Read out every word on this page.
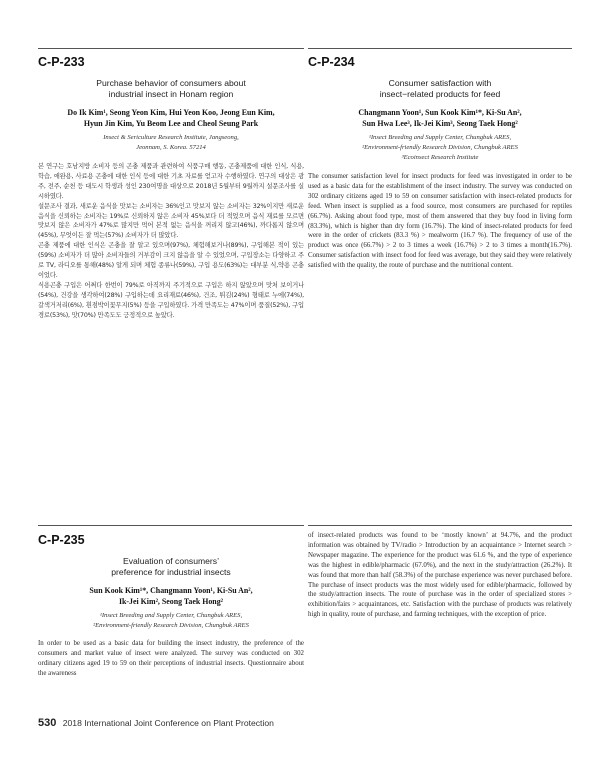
C-P-233

Purchase behavior of consumers about

industrial insect in Honam region

Do Ik Kim¹, Seong Yeon Kim, Hui Yeon Koo, Jeong Eun Kim,

Hyun Jin Kim, Yu Beom Lee and Cheol Seung Park

Insect & Sericulture Research Institute, Jangseong,

Jeonnam, S. Korea. 57214

본 연구는 호남지방 소비자 등의 곤충 제품과 관련하여 식품구매 행동, 곤충제품에 대한 인식, 식용, 학습, 애완용, 사료용 곤충에 대한 인식 등에 대한 기초 자료를 얻고자 수행하였다. 연구의 대상은 광주, 전주, 순천 등 대도시 학생과 성인 230여명을 대상으로 2018년 5월부터 9월까지 설문조사를 실시하였다.

설문조사 결과, 새로운 음식을 맛보는 소비자는 36%인고 맛보지 않는 소비자는 32%이지만 새로운 음식을 신뢰하는 소비자는 19%로 신뢰하지 않은 소비자 45%보다 더 적었으며 음식 재료를 모르면 맛보지 않은 소비자가 47%로 많지만 먹어 본적 없는 음식을 꺼리지 않고(46%), 까다롭지 않으며(45%), 무엇이든 잘 먹는(57%) 소비자가 더 많았다.

곤충 제품에 대한 인식은 곤충을 잘 알고 있으며(97%), 체험해보거나(89%), 구입해본 적이 있는(59%) 소비자가 더 많아 소비자들의 거부감이 크지 않음을 알 수 있었으며, 구입장소는 다양하고 주로 TV, 라디오를 통해(48%) 알게 되며 체험 종류나(59%), 구입 용도(63%)는 대부분 식,약용 곤충이었다.

식용곤충 구입은 어쩌다 한번이 79%로 아직까지 주기적으로 구입은 하지 않았으며 맛처 보이거나(54%), 건강을 생각하여(28%) 구입하는데 요리재료(46%), 건조, 튀김(24%) 형태로 누에(74%), 갈색거저리(6%), 흰점박이꽃무지(5%) 등을 구입하였다. 가격 만족도는 47%이며 품질(52%), 구입경로(53%), 맛(70%) 만족도도 긍정적으로 높았다.

C-P-234

Consumer satisfaction with

insect−related products for feed

Changmann Yoon¹, Sun Kook Kim¹*, Ki-Su An²,

Sun Hwa Lee³, Ik-Jei Kim³, Seong Taek Hong²

¹Insect Breeding and Supply Center, Chungbuk ARES,

²Environment-friendly Research Division, Chungbuk ARES

³Ecoinsect Research Institute

The consumer satisfaction level for insect products for feed was investigated in order to be used as a basic data for the establishment of the insect industry. The survey was conducted on 302 ordinary citizens aged 19 to 59 on consumer satisfaction with insect-related products for feed. When insect is supplied as a food source, most consumers are purchased for reptiles (66.7%). Asking about food type, most of them answered that they buy food in living form (83.3%), which is higher than dry form (16.7%). The kind of insect-related products for feed were in the order of crickets (83.3 %) > mealworm (16.7 %). The frequency of use of the product was once (66.7%) > 2 to 3 times a week (16.7%) > 2 to 3 times a month(16.7%). Consumer satisfaction with insect food for feed was average, but they said they were relatively satisfied with the quality, the route of purchase and the nutritional content.

C-P-235

Evaluation of consumers’

preference for industrial insects

Sun Kook Kim¹*, Changmann Yoon¹, Ki-Su An²,

Ik-Jei Kim², Seong Taek Hong²

¹Insect Breeding and Supply Center, Chungbuk ARES,

²Environment-friendly Research Division, Chungbuk ARES

In order to be used as a basic data for building the insect industry, the preference of the consumers and market value of insect were analyzed. The survey was conducted on 302 ordinary citizens aged 19 to 59 on their perceptions of industrial insects. Questionnaire about the awareness

of insect-related products was found to be ‘mostly known’ at 94.7%, and the product information was obtained by TV/radio > Introduction by an acquaintance > Internet search > Newspaper magazine. The experience for the product was 61.6 %, and the type of experience was the highest in edible/pharmacic (67.0%), and the next in the study/attraction (26.2%). It was found that more than half (58.3%) of the purchase experience was never purchased before. The purchase of insect products was the most widely used for edible/pharmacic, followed by the study/attraction insects. The route of purchase was in the order of specialized stores > exhibition/fairs > acquaintances, etc. Satisfaction with the purchase of products was relatively high in quality, route of purchase, and farming techniques, with the exception of price.

530 2018 International Joint Conference on Plant Protection
